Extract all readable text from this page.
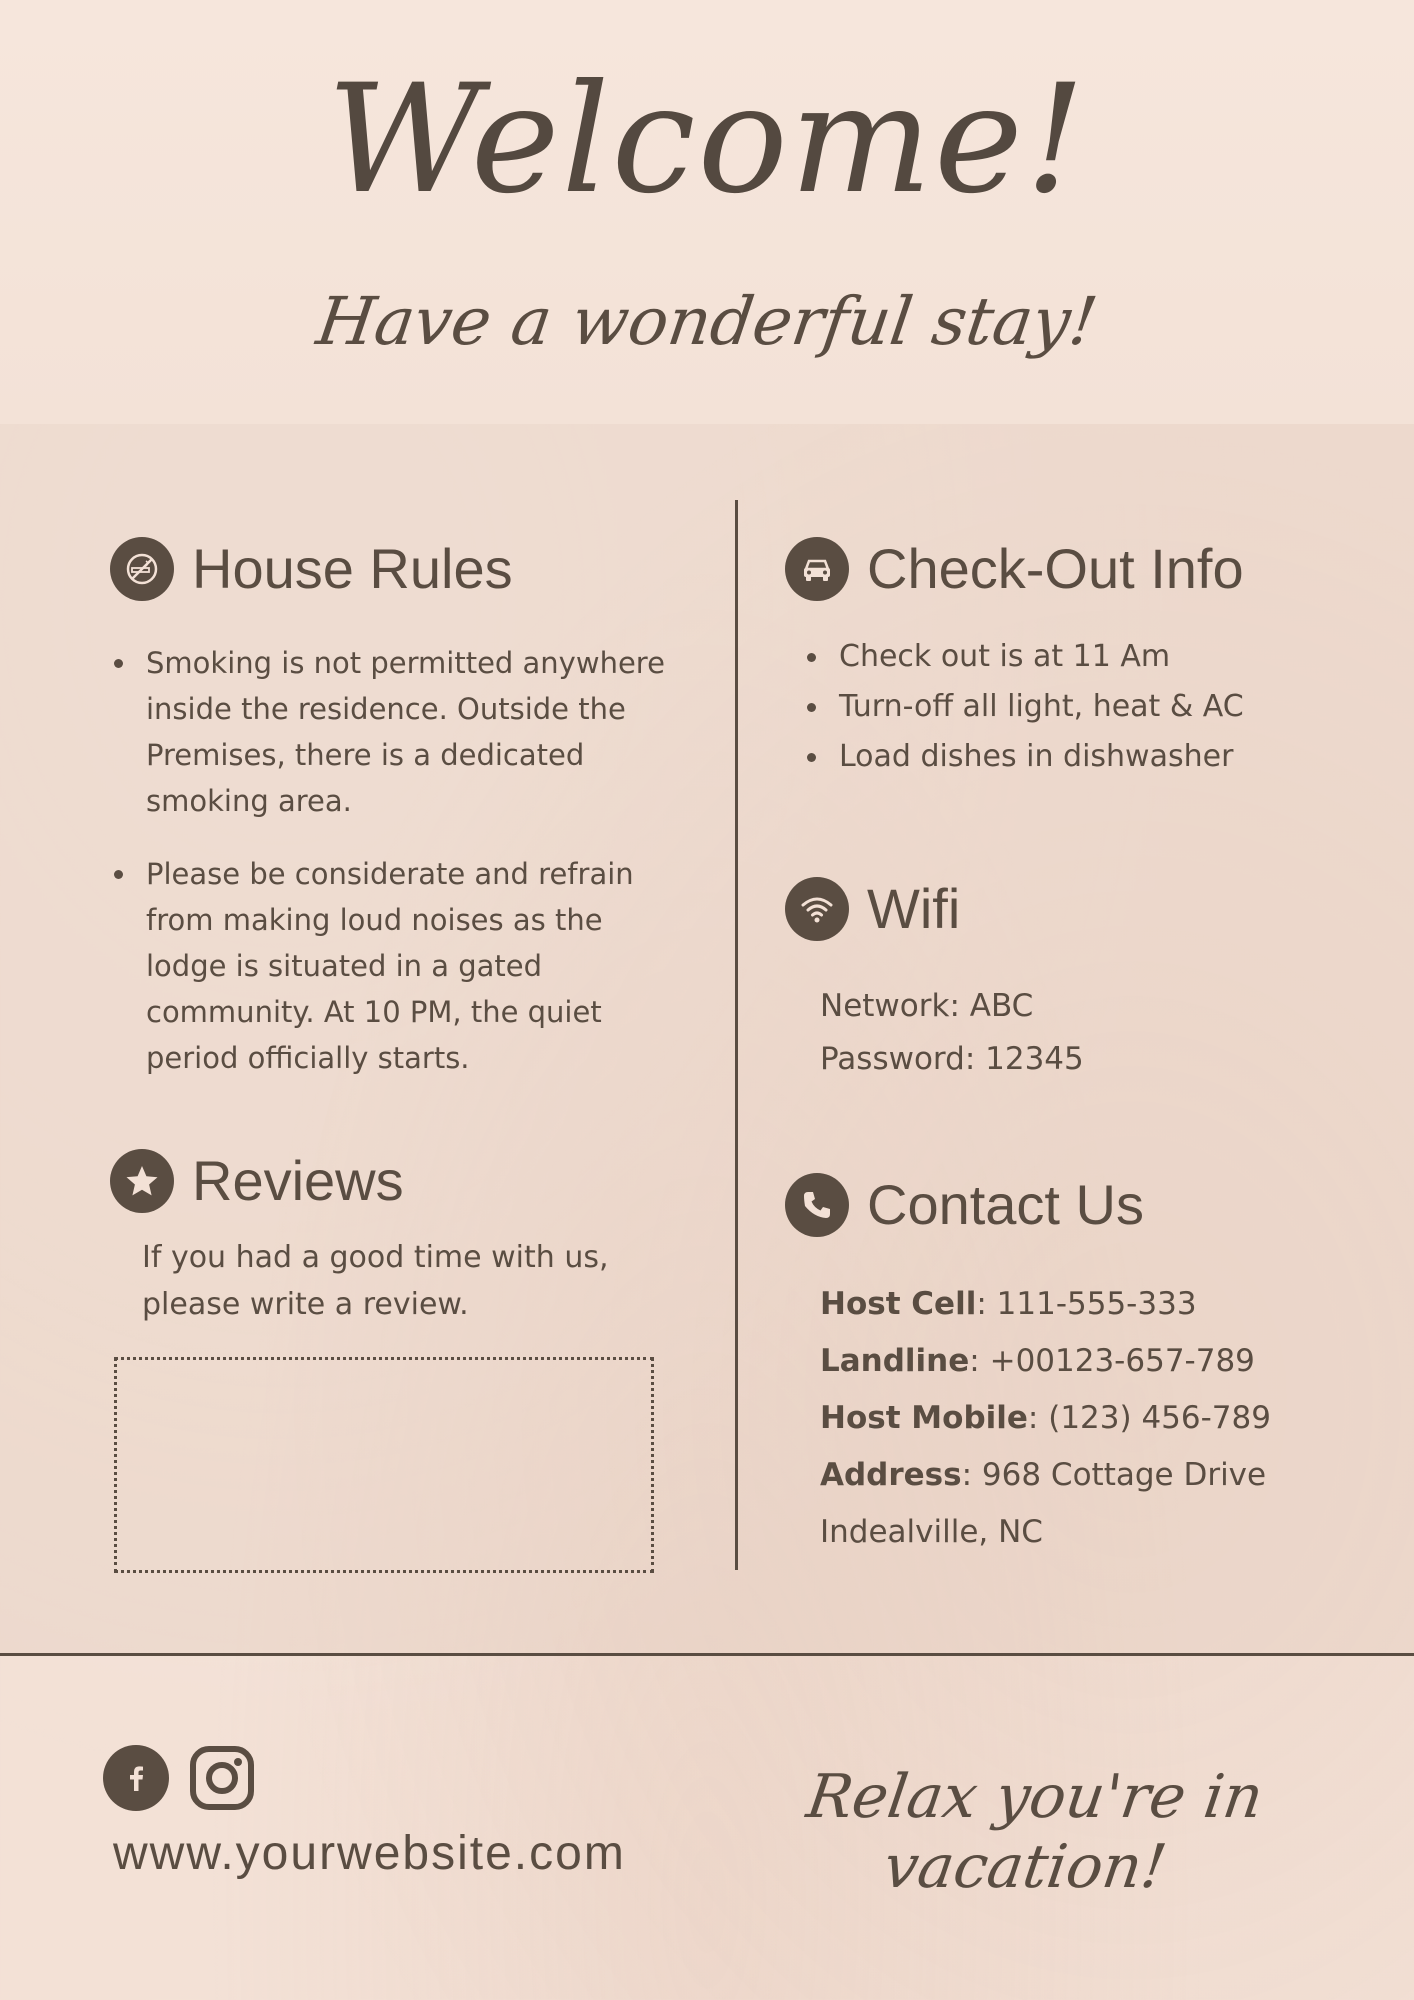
Welcome!
Have a wonderful stay!
House Rules
Smoking is not permitted anywhere inside the residence. Outside the Premises, there is a dedicated smoking area.
Please be considerate and refrain from making loud noises as the lodge is situated in a gated community. At 10 PM, the quiet period officially starts.
Reviews
If you had a good time with us, please write a review.
Check-Out Info
Check out is at 11 Am
Turn-off all light, heat & AC
Load dishes in dishwasher
Wifi
Network: ABC
Password: 12345
Contact Us
Host Cell: 111-555-333
Landline: +00123-657-789
Host Mobile: (123) 456-789
Address: 968 Cottage Drive
Indealville, NC
www.yourwebsite.com
Relax you're in vacation!
